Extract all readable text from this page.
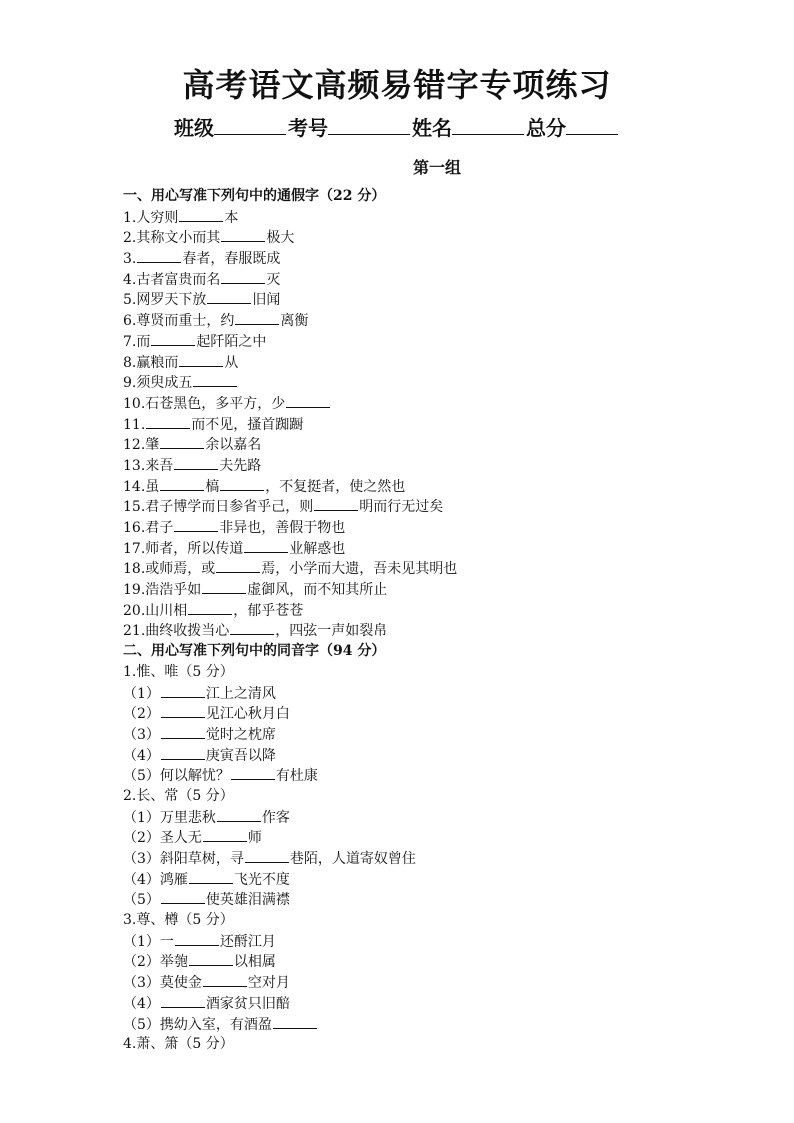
高考语文高频易错字专项练习
班级	考号	姓名	总分
第一组
一、用心写准下列句中的通假字（22 分）
1.人穷则	本
2.其称文小而其	极大
3.	春者，春服既成
4.古者富贵而名	灭
5.网罗天下放	旧闻
6.尊贤而重士，约	离衡
7.而	起阡陌之中
8.赢粮而	从
9.须臾成五
10.石苍黑色，多平方，少
11.	而不见，搔首踟蹰
12.肇	余以嘉名
13.来吾	夫先路
14.虽	槁	，不复挺者，使之然也
15.君子博学而日参省乎己，则	明而行无过矣
16.君子	非异也，善假于物也
17.师者，所以传道	业解惑也
18.或师焉，或	焉，小学而大遗，吾未见其明也
19.浩浩乎如	虚御风，而不知其所止
20.山川相	，郁乎苍苍
21.曲终收拨当心	，四弦一声如裂帛
二、用心写准下列句中的同音字（94 分）
1.惟、唯（5 分）
（1）	江上之清风
（2）	见江心秋月白
（3）	觉时之枕席
（4）	庚寅吾以降
（5）何以解忧？	有杜康
2.长、常（5 分）
（1）万里悲秋	作客
（2）圣人无	师
（3）斜阳草树，寻	巷陌，人道寄奴曾住
（4）鸿雁	飞光不度
（5）	使英雄泪满襟
3.尊、樽（5 分）
（1）一	还酹江月
（2）举匏	以相属
（3）莫使金	空对月
（4）	酒家贫只旧醅
（5）携幼入室，有酒盈
4.萧、箫（5 分）
